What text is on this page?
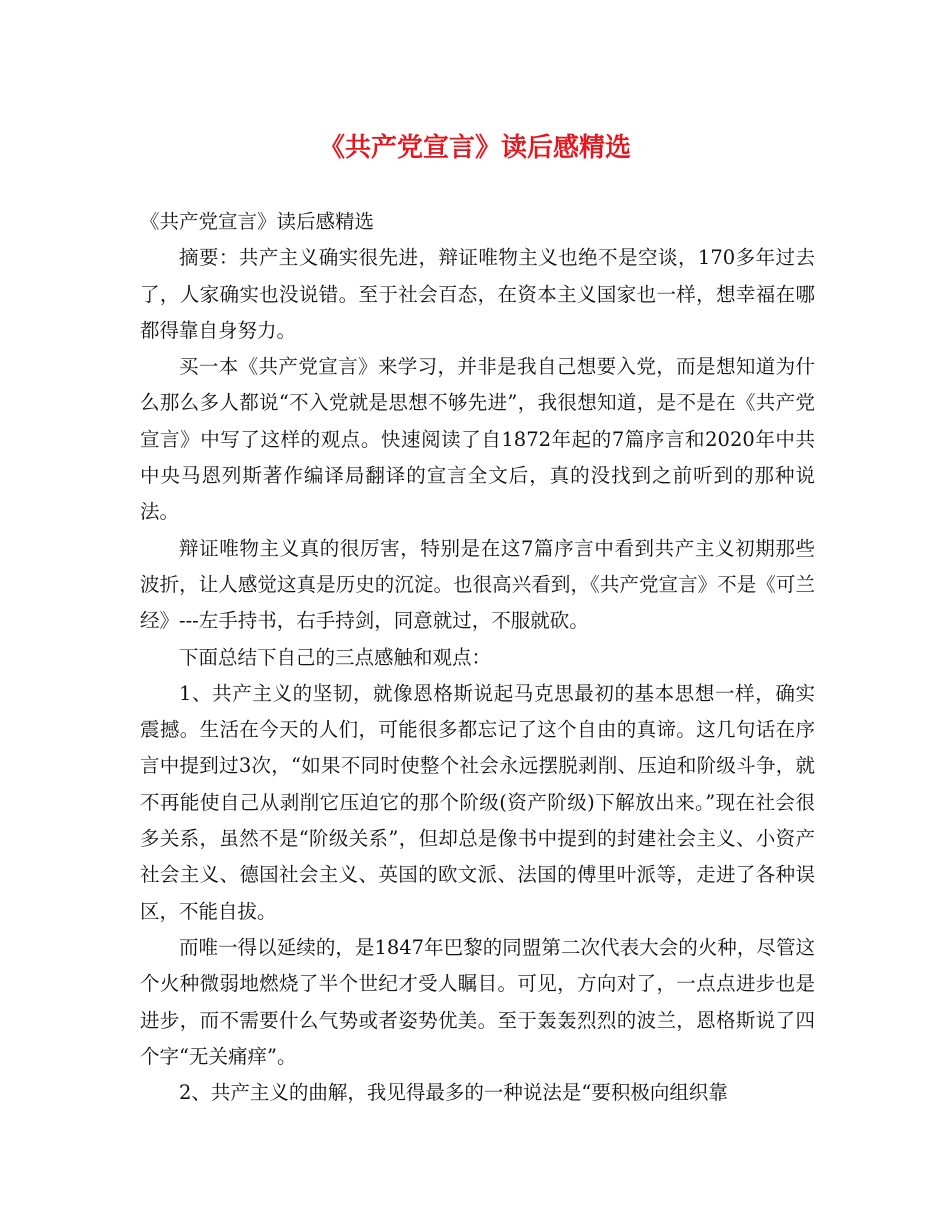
《共产党宣言》读后感精选

《共产党宣言》读后感精选

摘要：共产主义确实很先进，辩证唯物主义也绝不是空谈，170多年过去了，人家确实也没说错。至于社会百态，在资本主义国家也一样，想幸福在哪都得靠自身努力。

买一本《共产党宣言》来学习，并非是我自己想要入党，而是想知道为什么那么多人都说“不入党就是思想不够先进”，我很想知道，是不是在《共产党宣言》中写了这样的观点。快速阅读了自1872年起的7篇序言和2020年中共中央马恩列斯著作编译局翻译的宣言全文后，真的没找到之前听到的那种说法。

辩证唯物主义真的很厉害，特别是在这7篇序言中看到共产主义初期那些波折，让人感觉这真是历史的沉淀。也很高兴看到，《共产党宣言》不是《可兰经》---左手持书，右手持剑，同意就过，不服就砍。

下面总结下自己的三点感触和观点：

1、共产主义的坚韧，就像恩格斯说起马克思最初的基本思想一样，确实震撼。生活在今天的人们，可能很多都忘记了这个自由的真谛。这几句话在序言中提到过3次，“如果不同时使整个社会永远摆脱剥削、压迫和阶级斗争，就不再能使自己从剥削它压迫它的那个阶级(资产阶级)下解放出来。”现在社会很多关系，虽然不是“阶级关系”，但却总是像书中提到的封建社会主义、小资产社会主义、德国社会主义、英国的欧文派、法国的傅里叶派等，走进了各种误区，不能自拔。

而唯一得以延续的，是1847年巴黎的同盟第二次代表大会的火种，尽管这个火种微弱地燃烧了半个世纪才受人瞩目。可见，方向对了，一点点进步也是进步，而不需要什么气势或者姿势优美。至于轰轰烈烈的波兰，恩格斯说了四个字“无关痛痒”。

2、共产主义的曲解，我见得最多的一种说法是“要积极向组织靠
